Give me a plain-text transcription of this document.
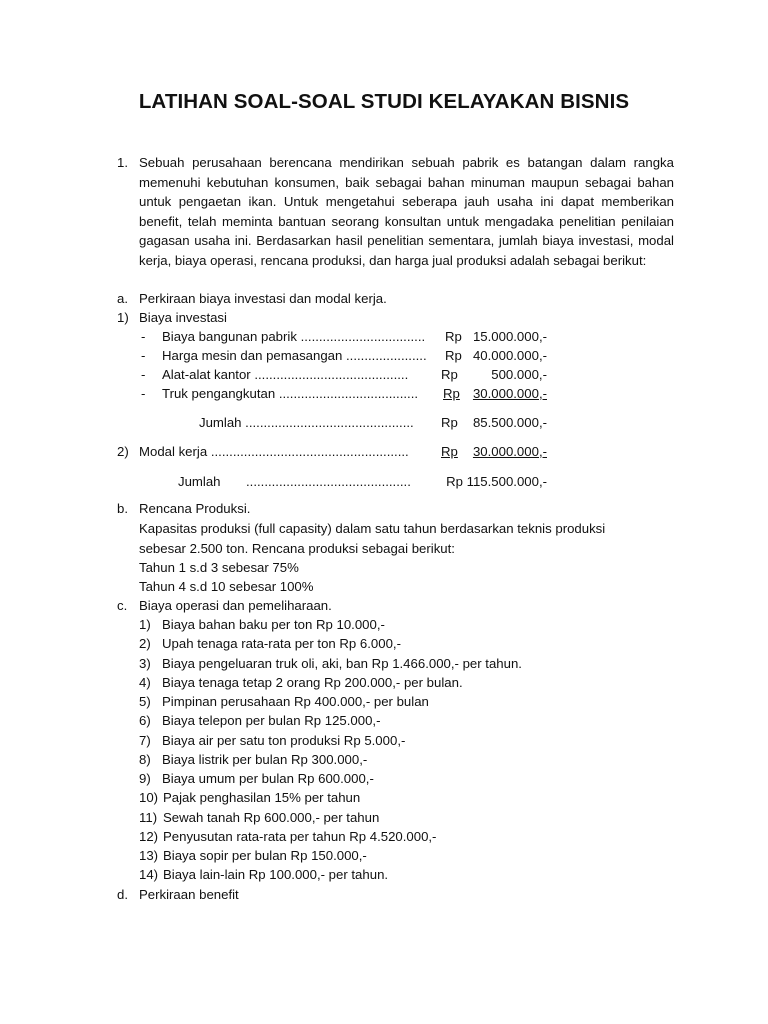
LATIHAN SOAL-SOAL STUDI KELAYAKAN BISNIS
1. Sebuah perusahaan berencana mendirikan sebuah pabrik es batangan dalam rangka memenuhi kebutuhan konsumen, baik sebagai bahan minuman maupun sebagai bahan untuk pengaetan ikan. Untuk mengetahui seberapa jauh usaha ini dapat memberikan benefit, telah meminta bantuan seorang konsultan untuk mengadaka penelitian penilaian gagasan usaha ini. Berdasarkan hasil penelitian sementara, jumlah biaya investasi, modal kerja, biaya operasi, rencana produksi, dan harga jual produksi adalah sebagai berikut:
a. Perkiraan biaya investasi dan modal kerja.
1) Biaya investasi
- Biaya bangunan pabrik .................................. Rp 15.000.000,-
- Harga mesin dan pemasangan ...................... Rp 40.000.000,-
- Alat-alat kantor .......................................... Rp	500.000,-
- Truk pengangkutan ...................................... Rp 30.000.000,-
Jumlah .............................................. Rp	85.500.000,-
2) Modal kerja ...................................................... Rp	30.000.000,-
Jumlah .............................................	Rp 115.500.000,-
b. Rencana Produksi.
Kapasitas produksi (full capasity) dalam satu tahun berdasarkan teknis produksi
sebesar 2.500 ton. Rencana produksi sebagai berikut:
Tahun 1 s.d 3 sebesar 75%
Tahun 4 s.d 10 sebesar 100%
c. Biaya operasi dan pemeliharaan.
1) Biaya bahan baku per ton Rp 10.000,-
2) Upah tenaga rata-rata per ton Rp 6.000,-
3) Biaya pengeluaran truk oli, aki, ban Rp 1.466.000,- per tahun.
4) Biaya tenaga tetap 2 orang Rp 200.000,- per bulan.
5) Pimpinan perusahaan Rp 400.000,- per bulan
6) Biaya telepon per bulan Rp 125.000,-
7) Biaya air per satu ton produksi Rp 5.000,-
8) Biaya listrik per bulan Rp 300.000,-
9) Biaya umum per bulan Rp 600.000,-
10) Pajak penghasilan 15% per tahun
11) Sewah tanah Rp 600.000,- per tahun
12) Penyusutan rata-rata per tahun Rp 4.520.000,-
13) Biaya sopir per bulan Rp 150.000,-
14) Biaya lain-lain Rp 100.000,- per tahun.
d. Perkiraan benefit
